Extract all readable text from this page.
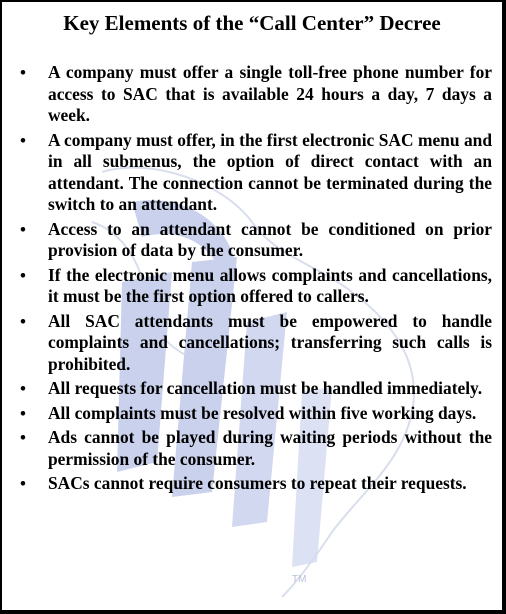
TM
Key Elements of the “Call Center” Decree
• A company must offer a single toll-free phone number for access to SAC that is available 24 hours a day, 7 days a week.
• A company must offer, in the first electronic SAC menu and in all submenus, the option of direct contact with an attendant. The connection cannot be terminated during the switch to an attendant.
• Access to an attendant cannot be conditioned on prior provision of data by the consumer.
• If the electronic menu allows complaints and cancellations, it must be the first option offered to callers.
• All SAC attendants must be empowered to handle complaints and cancellations; transferring such calls is prohibited.
• All requests for cancellation must be handled immediately.
• All complaints must be resolved within five working days.
• Ads cannot be played during waiting periods without the permission of the consumer.
• SACs cannot require consumers to repeat their requests.
